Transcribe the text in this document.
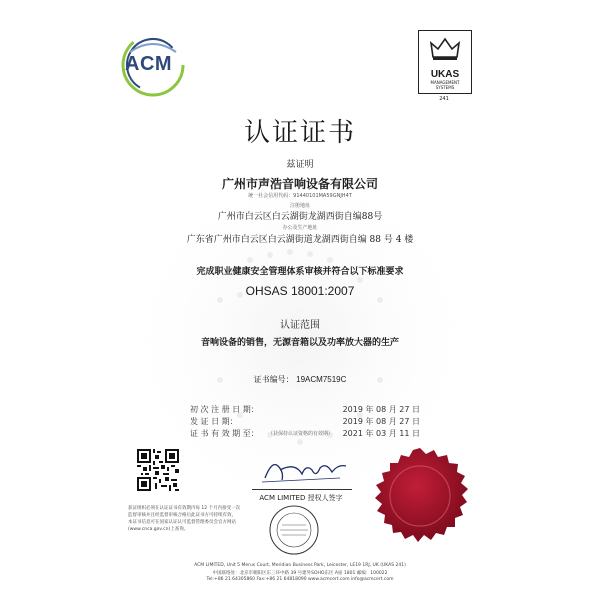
ACM	UKAS
MANAGEMENT
SYSTEMS
241
认证证书
兹证明
广州市声浩音响设备有限公司
统一社会信用代码：91440101MA59GNJH4T
注册地址
广州市白云区白云湖街龙湖西街自编88号
办公及生产地址
广东省广州市白云区白云湖街道龙湖西街自编 88 号 4 楼
完成职业健康安全管理体系审核并符合以下标准要求
OHSAS 18001:2007
认证范围
音响设备的销售，无源音箱以及功率放大器的生产
证书编号： 19ACM7519C
初 次 注 册 日 期：	2019 年 08 月 27 日
发 证 日 期：	2019 年 08 月 27 日
证 书 有 效 期 至： （获保持认证资格的有效期） 2021 年 03 月 11 日
ACM LIMITED 授权人签字
获证组织必须在认证证书有效期内每 12 个月内接受一次
监督审核并且经监督审核合格后此证书方可持续有效，
本证书信息可在国家认证认可监督管理委员会官方网站
(www.cnca.gov.cn)上查询。
ACM LIMITED, Unit 5 Merus Court, Meridian Business Park, Leicester, LE19 1RJ, UK (UKAS 241)
中国联络处：北京市朝阳区东三环中路 39 号建外SOHO东区 A座 1801 邮编：100022
Tel:+86 21 64305860 Fax:+86 21 64818090 www.acmcert.com info@acmcert.com
